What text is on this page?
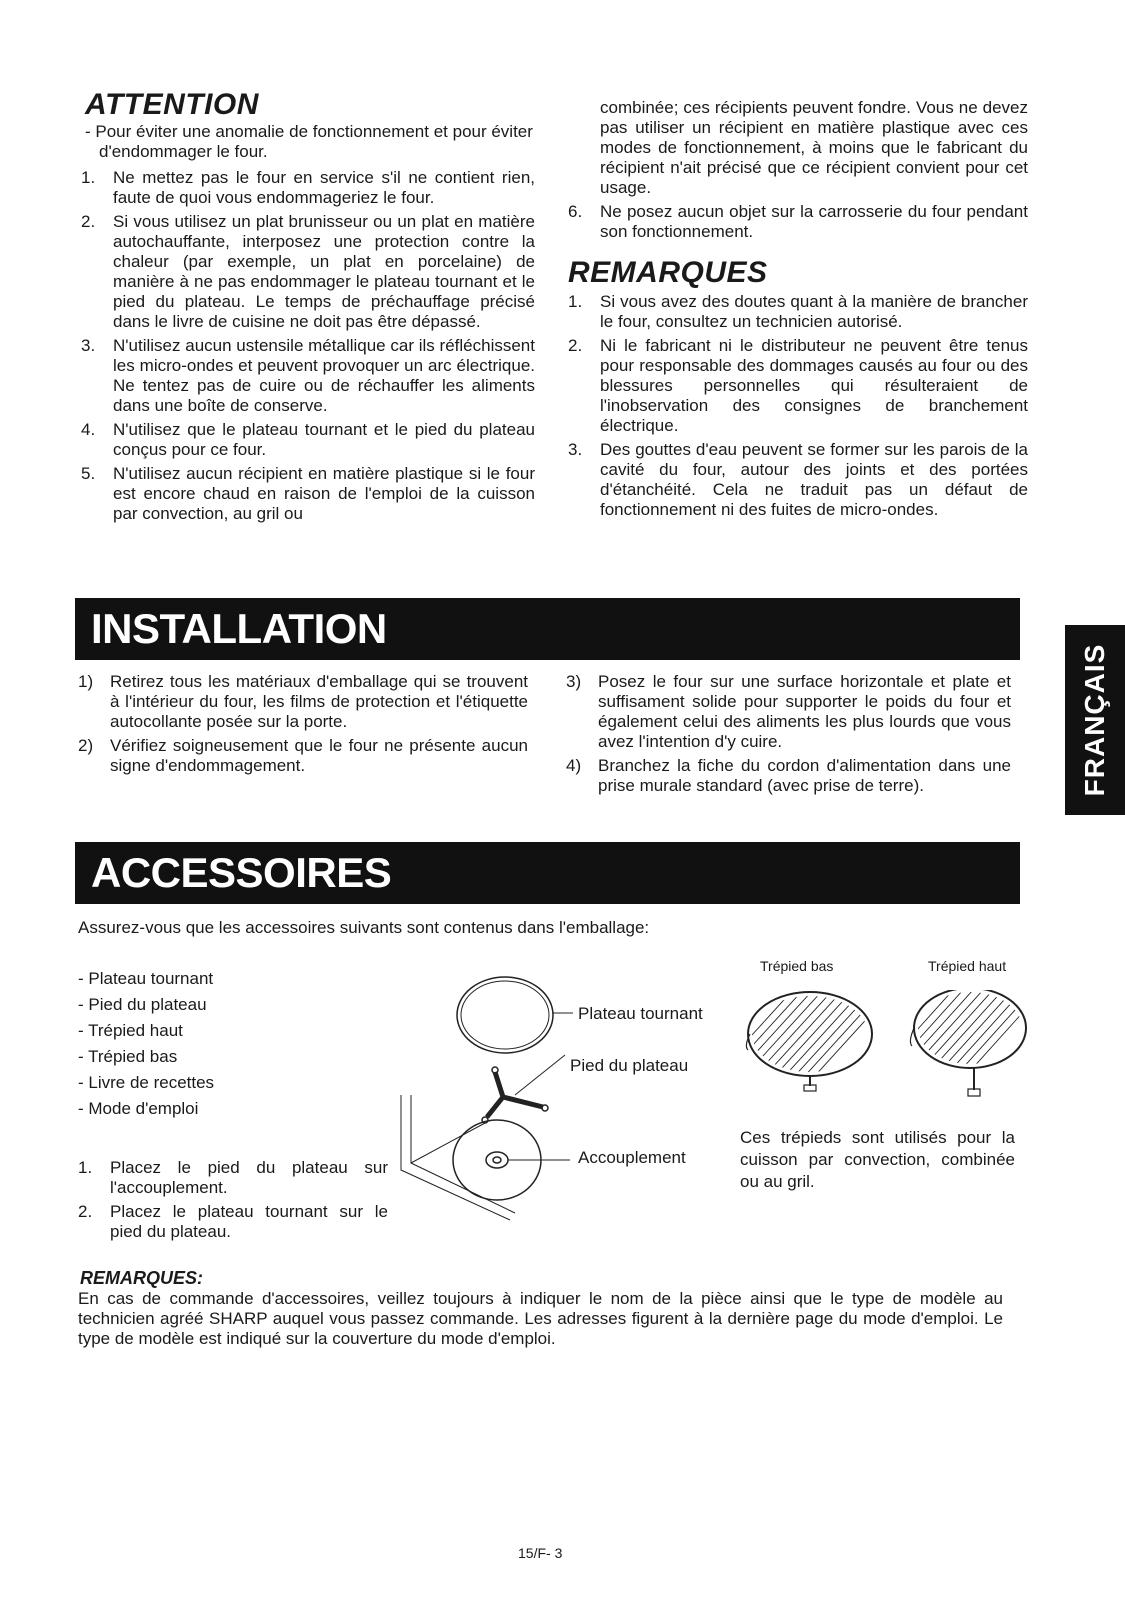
ATTENTION

- Pour éviter une anomalie de fonctionnement et pour éviter d'endommager le four.

1. Ne mettez pas le four en service s'il ne contient rien, faute de quoi vous endommageriez le four.
2. Si vous utilisez un plat brunisseur ou un plat en matière autochauffante, interposez une protection contre la chaleur (par exemple, un plat en porcelaine) de manière à ne pas endommager le plateau tournant et le pied du plateau. Le temps de préchauffage précisé dans le livre de cuisine ne doit pas être dépassé.
3. N'utilisez aucun ustensile métallique car ils réfléchissent les micro-ondes et peuvent provoquer un arc électrique. Ne tentez pas de cuire ou de réchauffer les aliments dans une boîte de conserve.
4. N'utilisez que le plateau tournant et le pied du plateau conçus pour ce four.
5. N'utilisez aucun récipient en matière plastique si le four est encore chaud en raison de l'emploi de la cuisson par convection, au gril ou

combinée; ces récipients peuvent fondre. Vous ne devez pas utiliser un récipient en matière plastique avec ces modes de fonctionnement, à moins que le fabricant du récipient n'ait précisé que ce récipient convient pour cet usage.

6. Ne posez aucun objet sur la carrosserie du four pendant son fonctionnement.
REMARQUES
1. Si vous avez des doutes quant à la manière de brancher le four, consultez un technicien autorisé.
2. Ni le fabricant ni le distributeur ne peuvent être tenus pour responsable des dommages causés au four ou des blessures personnelles qui résulteraient de l'inobservation des consignes de branchement électrique.
3. Des gouttes d'eau peuvent se former sur les parois de la cavité du four, autour des joints et des portées d'étanchéité. Cela ne traduit pas un défaut de fonctionnement ni des fuites de micro-ondes.
INSTALLATION
FRANÇAIS
1) Retirez tous les matériaux d'emballage qui se trouvent à l'intérieur du four, les films de protection et l'étiquette autocollante posée sur la porte.
2) Vérifiez soigneusement que le four ne présente aucun signe d'endommagement.
3) Posez le four sur une surface horizontale et plate et suffisament solide pour supporter le poids du four et également celui des aliments les plus lourds que vous avez l'intention d'y cuire.
4) Branchez la fiche du cordon d'alimentation dans une prise murale standard (avec prise de terre).
ACCESSOIRES

Assurez-vous que les accessoires suivants sont contenus dans l'emballage:

- Plateau tournant
- Pied du plateau
- Trépied haut
- Trépied bas
- Livre de recettes
- Mode d'emploi
1. Placez le pied du plateau sur l'accouplement.
2. Placez le plateau tournant sur le pied du plateau.
Plateau tournant
Pied du plateau
Accouplement
Trépied bas	Trépied haut

Ces trépieds sont utilisés pour la cuisson par convection, combinée ou au gril.

REMARQUES:

En cas de commande d'accessoires, veillez toujours à indiquer le nom de la pièce ainsi que le type de modèle au technicien agréé SHARP auquel vous passez commande. Les adresses figurent à la dernière page du mode d'emploi. Le type de modèle est indiqué sur la couverture du mode d'emploi.

15/F- 3
